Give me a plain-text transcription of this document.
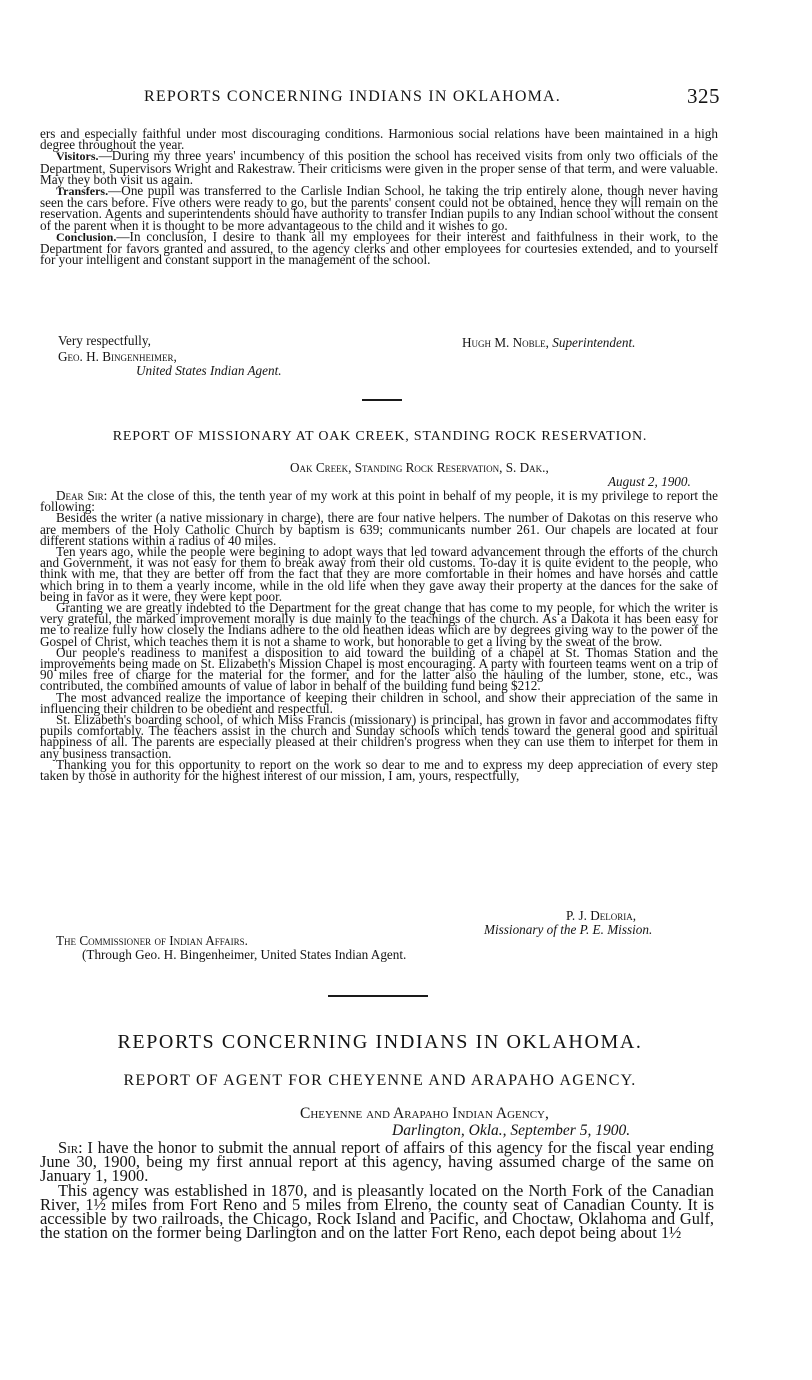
REPORTS CONCERNING INDIANS IN OKLAHOMA.	325

ers and especially faithful under most discouraging conditions. Harmonious social relations have been maintained in a high degree throughout the year.

Visitors.—During my three years' incumbency of this position the school has received visits from only two officials of the Department, Supervisors Wright and Rakestraw. Their criticisms were given in the proper sense of that term, and were valuable. May they both visit us again.

Transfers.—One pupil was transferred to the Carlisle Indian School, he taking the trip entirely alone, though never having seen the cars before. Five others were ready to go, but the parents' consent could not be obtained, hence they will remain on the reservation. Agents and superintendents should have authority to transfer Indian pupils to any Indian school without the consent of the parent when it is thought to be more advantageous to the child and it wishes to go.

Conclusion.—In conclusion, I desire to thank all my employees for their interest and faithfulness in their work, to the Department for favors granted and assured, to the agency clerks and other employees for courtesies extended, and to yourself for your intelligent and constant support in the management of the school.

Very respectfully,	Hugh M. Noble, Superintendent.
Geo. H. Bingenheimer,
United States Indian Agent.
REPORT OF MISSIONARY AT OAK CREEK, STANDING ROCK RESERVATION.
Oak Creek, Standing Rock Reservation, S. Dak.,
August 2, 1900.

Dear Sir: At the close of this, the tenth year of my work at this point in behalf of my people, it is my privilege to report the following:

Besides the writer (a native missionary in charge), there are four native helpers. The number of Dakotas on this reserve who are members of the Holy Catholic Church by baptism is 639; communicants number 261. Our chapels are located at four different stations within a radius of 40 miles.

Ten years ago, while the people were begining to adopt ways that led toward advancement through the efforts of the church and Government, it was not easy for them to break away from their old customs. To-day it is quite evident to the people, who think with me, that they are better off from the fact that they are more comfortable in their homes and have horses and cattle which bring in to them a yearly income, while in the old life when they gave away their property at the dances for the sake of being in favor as it were, they were kept poor.

Granting we are greatly indebted to the Department for the great change that has come to my people, for which the writer is very grateful, the marked improvement morally is due mainly to the teachings of the church. As a Dakota it has been easy for me to realize fully how closely the Indians adhere to the old heathen ideas which are by degrees giving way to the power of the Gospel of Christ, which teaches them it is not a shame to work, but honorable to get a living by the sweat of the brow.

Our people's readiness to manifest a disposition to aid toward the building of a chapel at St. Thomas Station and the improvements being made on St. Elizabeth's Mission Chapel is most encouraging. A party with fourteen teams went on a trip of 90 miles free of charge for the material for the former, and for the latter also the hauling of the lumber, stone, etc., was contributed, the combined amounts of value of labor in behalf of the building fund being $212.

The most advanced realize the importance of keeping their children in school, and show their appreciation of the same in influencing their children to be obedient and respectful.

St. Elizabeth's boarding school, of which Miss Francis (missionary) is principal, has grown in favor and accommodates fifty pupils comfortably. The teachers assist in the church and Sunday schools which tends toward the general good and spiritual happiness of all. The parents are especially pleased at their children's progress when they can use them to interpet for them in any business transaction.

Thanking you for this opportunity to report on the work so dear to me and to express my deep appreciation of every step taken by those in authority for the highest interest of our mission, I am, yours, respectfully,

P. J. Deloria,
Missionary of the P. E. Mission.
The Commissioner of Indian Affairs.
(Through Geo. H. Bingenheimer, United States Indian Agent.
REPORTS CONCERNING INDIANS IN OKLAHOMA.
REPORT OF AGENT FOR CHEYENNE AND ARAPAHO AGENCY.
Cheyenne and Arapaho Indian Agency,
Darlington, Okla., September 5, 1900.

Sir: I have the honor to submit the annual report of affairs of this agency for the fiscal year ending June 30, 1900, being my first annual report at this agency, having assumed charge of the same on January 1, 1900.

This agency was established in 1870, and is pleasantly located on the North Fork of the Canadian River, 1½ miles from Fort Reno and 5 miles from Elreno, the county seat of Canadian County. It is accessible by two railroads, the Chicago, Rock Island and Pacific, and Choctaw, Oklahoma and Gulf, the station on the former being Darlington and on the latter Fort Reno, each depot being about 1½
